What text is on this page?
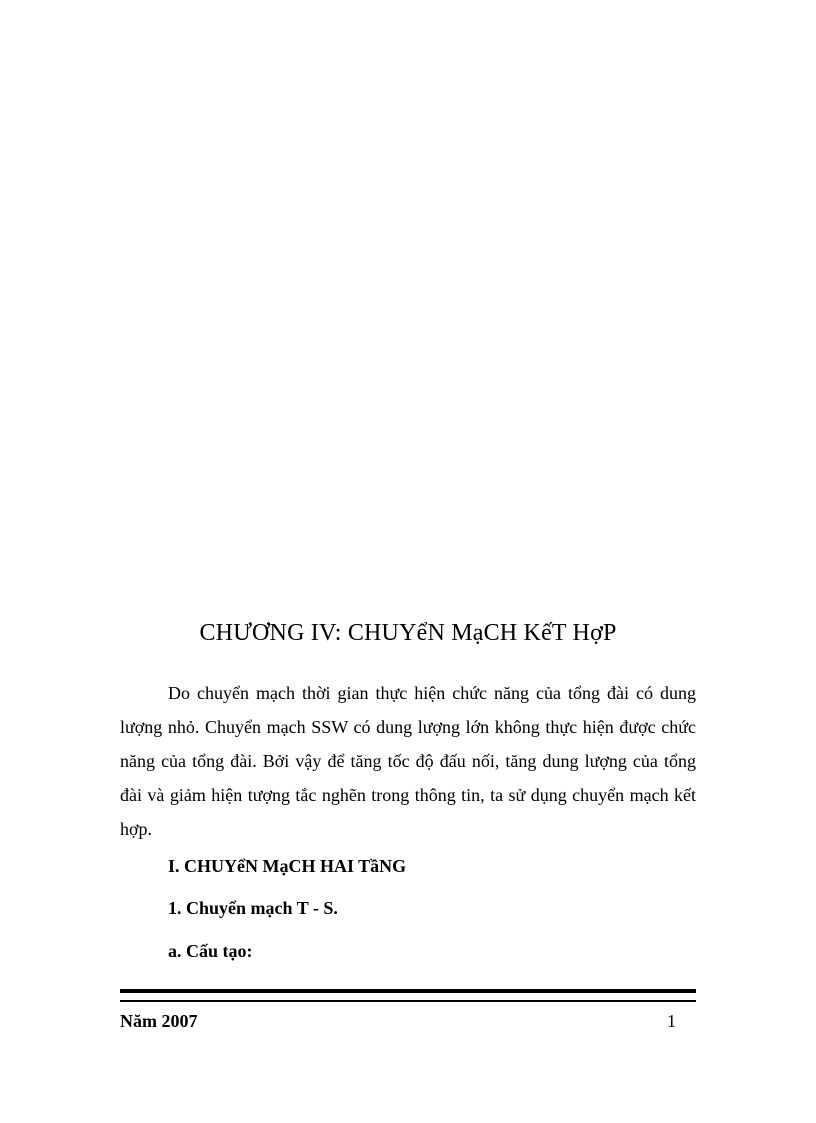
CHƯƠNG IV: CHUYểN MạCH KếT HợP

Do chuyển mạch thời gian thực hiện chức năng của tổng đài có dung lượng nhỏ. Chuyển mạch SSW có dung lượng lớn không thực hiện được chức năng của tổng đài. Bởi vậy để tăng tốc độ đấu nối, tăng dung lượng của tổng đài và giảm hiện tượng tắc nghẽn trong thông tin, ta sử dụng chuyển mạch kết hợp.

I. CHUYểN MạCH HAI TầNG
1. Chuyển mạch T - S.
a. Cấu tạo:
Năm 2007	1
